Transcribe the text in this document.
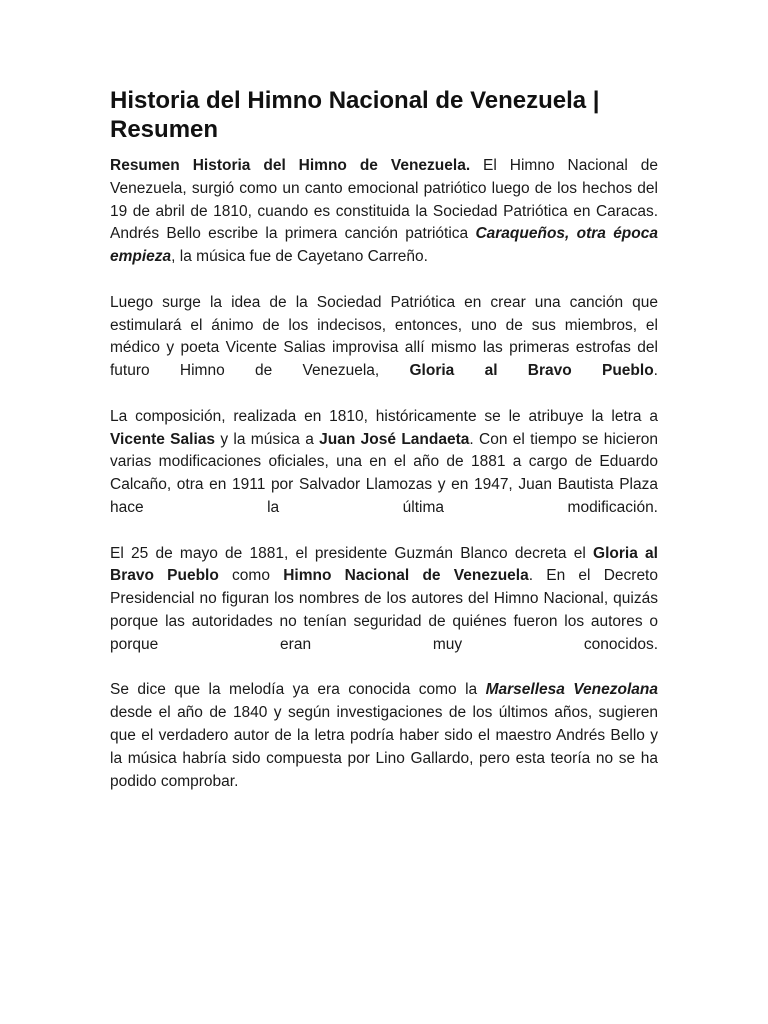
Historia del Himno Nacional de Venezuela | Resumen

Resumen Historia del Himno de Venezuela. El Himno Nacional de Venezuela, surgió como un canto emocional patriótico luego de los hechos del 19 de abril de 1810, cuando es constituida la Sociedad Patriótica en Caracas. Andrés Bello escribe la primera canción patriótica Caraqueños, otra época empieza, la música fue de Cayetano Carreño.

Luego surge la idea de la Sociedad Patriótica en crear una canción que estimulará el ánimo de los indecisos, entonces, uno de sus miembros, el médico y poeta Vicente Salias improvisa allí mismo las primeras estrofas del futuro Himno de Venezuela, Gloria al Bravo Pueblo.

La composición, realizada en 1810, históricamente se le atribuye la letra a Vicente Salias y la música a Juan José Landaeta. Con el tiempo se hicieron varias modificaciones oficiales, una en el año de 1881 a cargo de Eduardo Calcaño, otra en 1911 por Salvador Llamozas y en 1947, Juan Bautista Plaza hace la última modificación.

El 25 de mayo de 1881, el presidente Guzmán Blanco decreta el Gloria al Bravo Pueblo como Himno Nacional de Venezuela. En el Decreto Presidencial no figuran los nombres de los autores del Himno Nacional, quizás porque las autoridades no tenían seguridad de quiénes fueron los autores o porque eran muy conocidos.

Se dice que la melodía ya era conocida como la Marsellesa Venezolana desde el año de 1840 y según investigaciones de los últimos años, sugieren que el verdadero autor de la letra podría haber sido el maestro Andrés Bello y la música habría sido compuesta por Lino Gallardo, pero esta teoría no se ha podido comprobar.
